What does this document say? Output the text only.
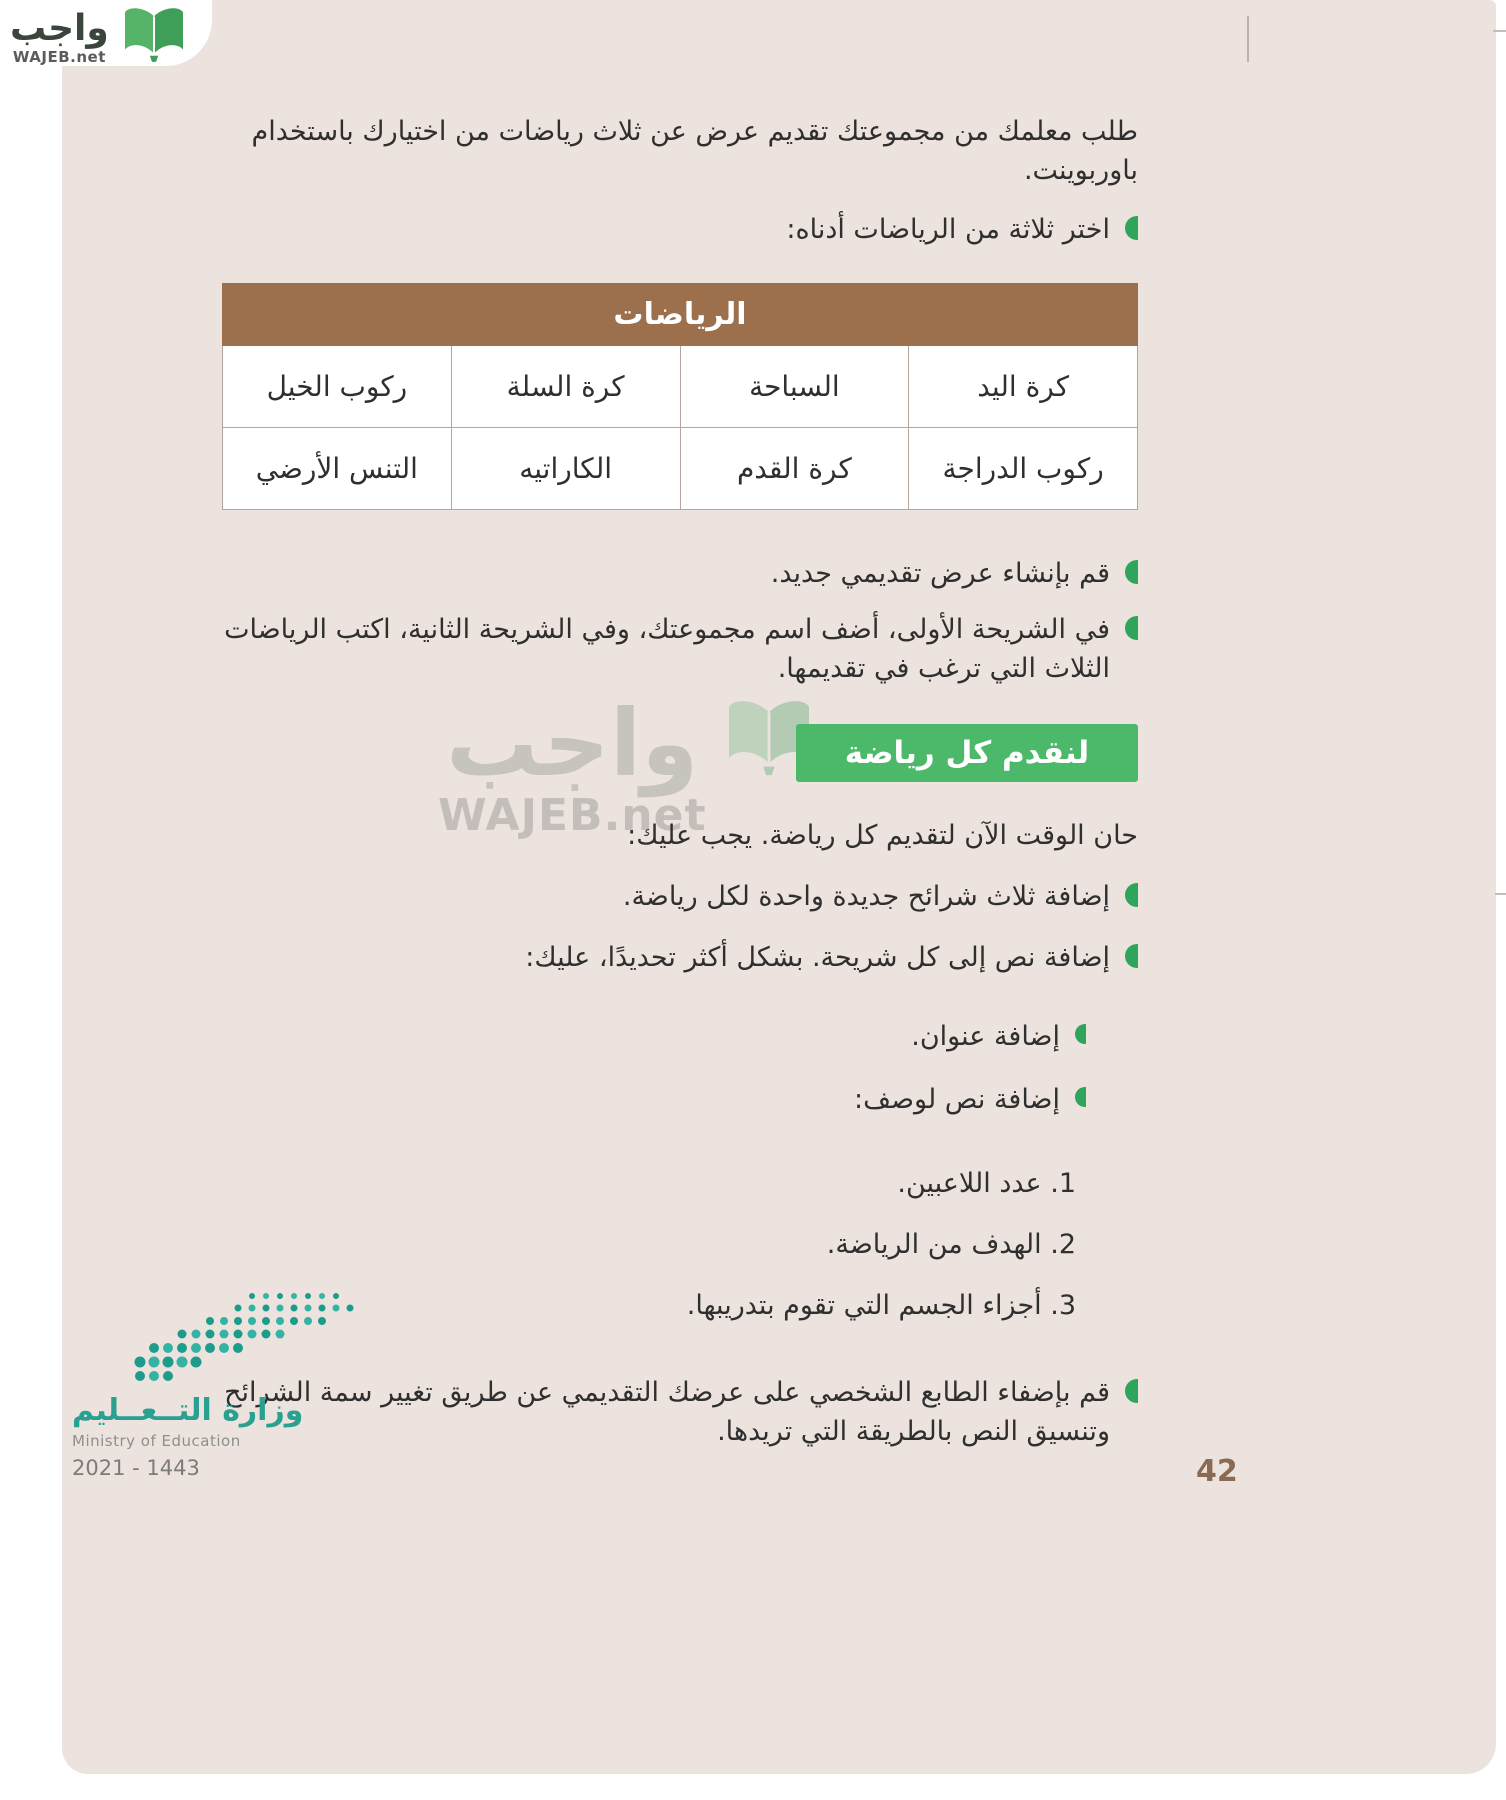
واجب
WAJEB.net
واجب
WAJEB.net

طلب معلمك من مجموعتك تقديم عرض عن ثلاث رياضات من اختيارك باستخدام باوربوينت.

اختر ثلاثة من الرياضات أدناه:
الرياضات			
كرة اليد	السباحة	كرة السلة	ركوب الخيل
ركوب الدراجة	كرة القدم	الكاراتيه	التنس الأرضي
قم بإنشاء عرض تقديمي جديد.
في الشريحة الأولى، أضف اسم مجموعتك، وفي الشريحة الثانية، اكتب الرياضات الثلاث التي ترغب في تقديمها.
لنقدم كل رياضة

حان الوقت الآن لتقديم كل رياضة. يجب عليك:

إضافة ثلاث شرائح جديدة واحدة لكل رياضة.
إضافة نص إلى كل شريحة. بشكل أكثر تحديدًا، عليك:
إضافة عنوان.
إضافة نص لوصف:

1. عدد اللاعبين.

2. الهدف من الرياضة.

3. أجزاء الجسم التي تقوم بتدريبها.

قم بإضفاء الطابع الشخصي على عرضك التقديمي عن طريق تغيير سمة الشرائح وتنسيق النص بالطريقة التي تريدها.
وزارة التــعــليم
Ministry of Education
2021 - 1443	42
